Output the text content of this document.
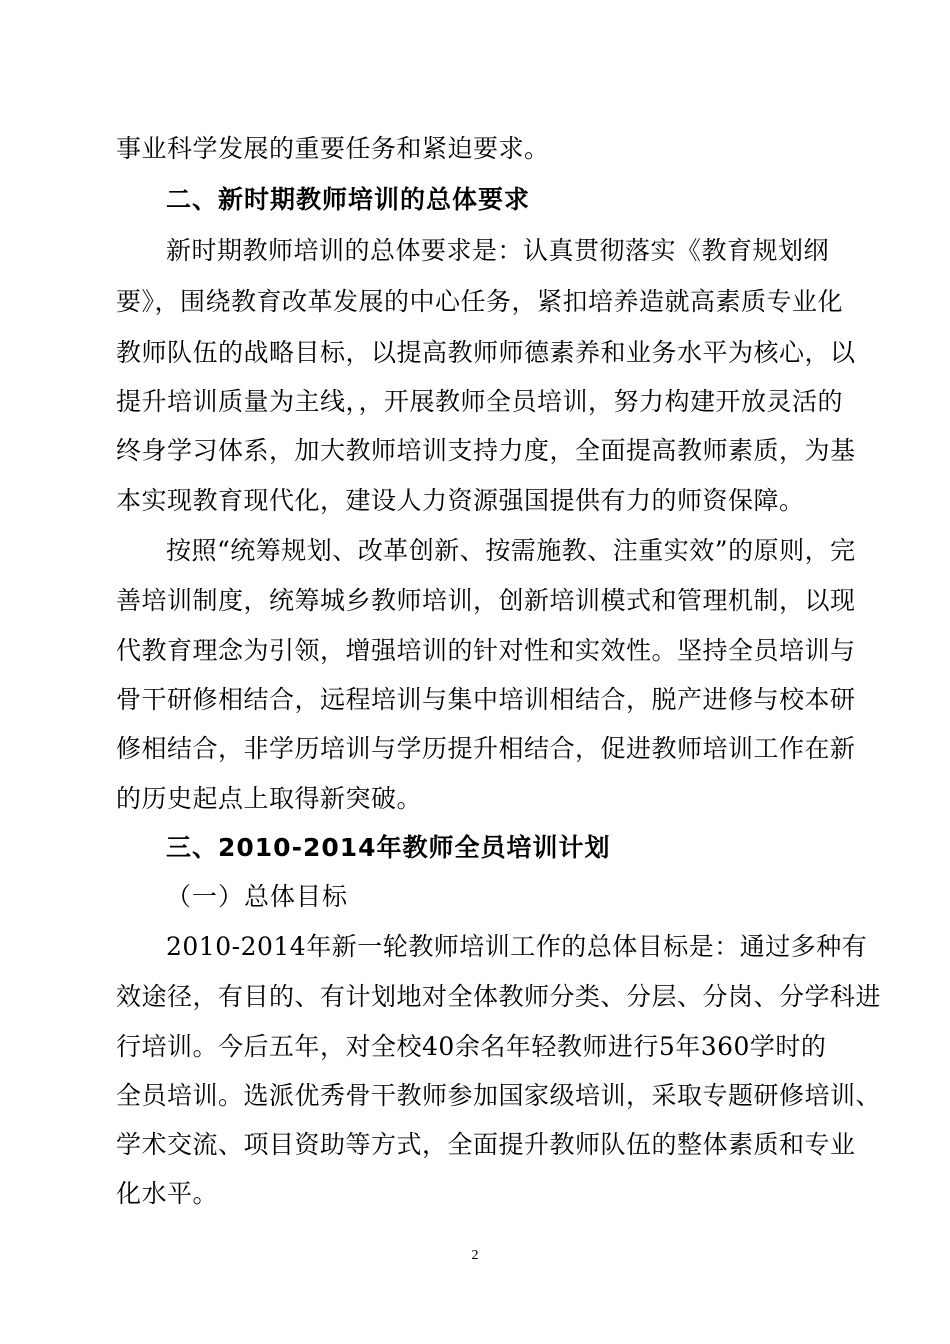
事业科学发展的重要任务和紧迫要求。

二、新时期教师培训的总体要求

新时期教师培训的总体要求是：认真贯彻落实《教育规划纲

要》，围绕教育改革发展的中心任务，紧扣培养造就高素质专业化

教师队伍的战略目标，以提高教师师德素养和业务水平为核心，以

提升培训质量为主线，，开展教师全员培训，努力构建开放灵活的

终身学习体系，加大教师培训支持力度，全面提高教师素质，为基

本实现教育现代化，建设人力资源强国提供有力的师资保障。

按照“统筹规划、改革创新、按需施教、注重实效”的原则，完

善培训制度，统筹城乡教师培训，创新培训模式和管理机制，以现

代教育理念为引领，增强培训的针对性和实效性。坚持全员培训与

骨干研修相结合，远程培训与集中培训相结合，脱产进修与校本研

修相结合，非学历培训与学历提升相结合，促进教师培训工作在新

的历史起点上取得新突破。

三、2010-2014年教师全员培训计划

（一）总体目标

2010-2014年新一轮教师培训工作的总体目标是：通过多种有

效途径，有目的、有计划地对全体教师分类、分层、分岗、分学科进

行培训。今后五年，对全校40余名年轻教师进行5年360学时的

全员培训。选派优秀骨干教师参加国家级培训，采取专题研修培训、

学术交流、项目资助等方式，全面提升教师队伍的整体素质和专业

化水平。

2
